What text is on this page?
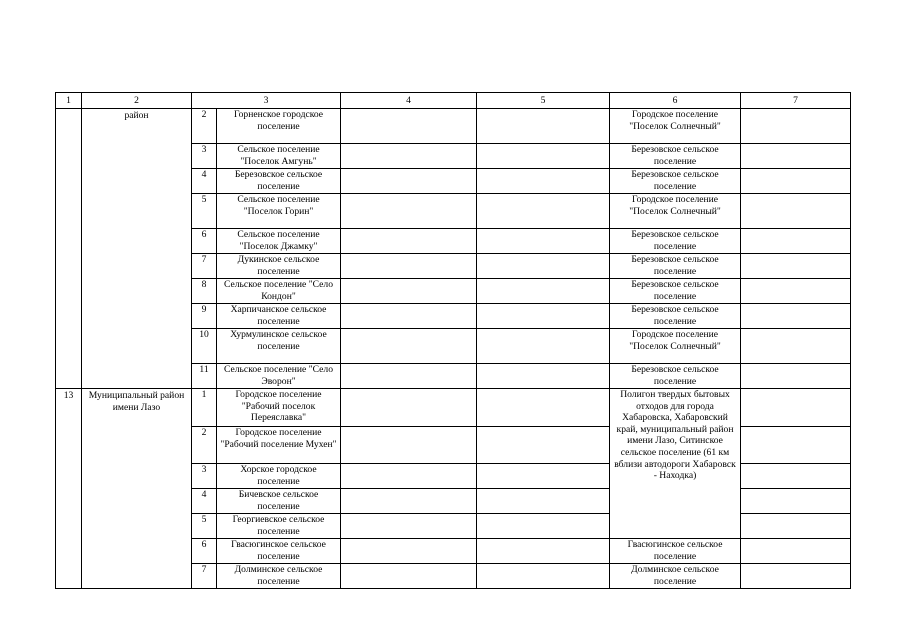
1	2	3		4	5	6	7
	район	2	Горненское городское поселение			Городское поселение "Поселок Солнечный"	
		3	Сельское поселение "Поселок Амгунь"			Березовское сельское поселение	
		4	Березовское сельское поселение			Березовское сельское поселение	
		5	Сельское поселение "Поселок Горин"			Городское поселение "Поселок Солнечный"	
		6	Сельское поселение "Поселок Джамку"			Березовское сельское поселение	
		7	Дукинское сельское поселение			Березовское сельское поселение	
		8	Сельское поселение "Село Кондон"			Березовское сельское поселение	
		9	Харпичанское сельское поселение			Березовское сельское поселение	
		10	Хурмулинское сельское поселение			Городское поселение "Поселок Солнечный"	
		11	Сельское поселение "Село Эворон"			Березовское сельское поселение	
13	Муниципальный район имени Лазо	1	Городское поселение "Рабочий поселок Переяславка"			Полигон твердых бытовых отходов для города Хабаровска, Хабаровский край, муниципальный район имени Лазо, Ситинское сельское поселение (61 км вблизи автодороги Хабаровск - Находка)	
		2	Городское поселение "Рабочий поселение Мухен"				
		3	Хорское городское поселение				
		4	Бичевское сельское поселение				
		5	Георгиевское сельское поселение				
		6	Гвасюгинское сельское поселение			Гвасюгинское сельское поселение	
		7	Долминское сельское поселение			Долминское сельское поселение	
